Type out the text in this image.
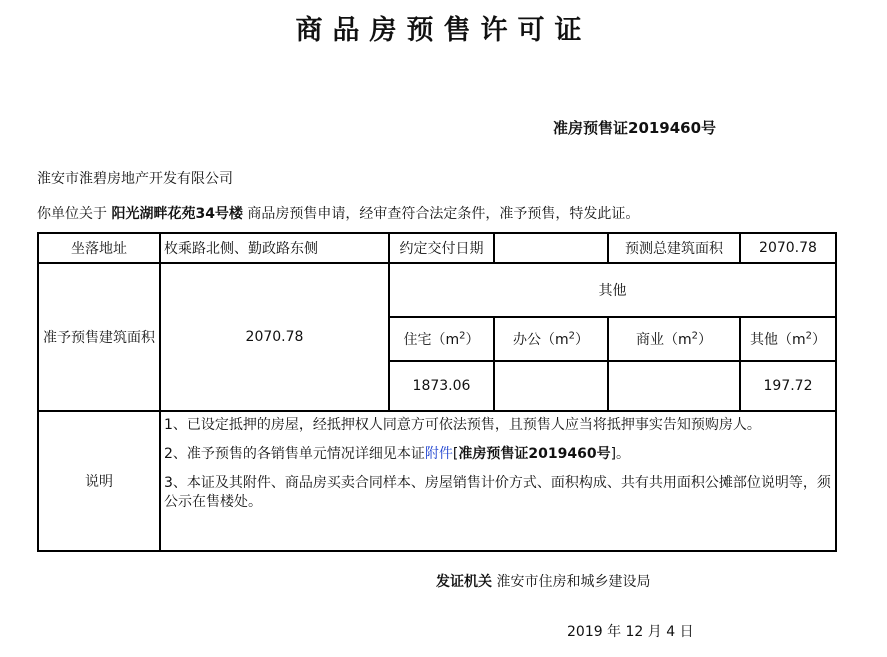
商品房预售许可证
准房预售证2019460号
淮安市淮碧房地产开发有限公司
你单位关于 阳光湖畔花苑34号楼 商品房预售申请，经审查符合法定条件，准予预售，特发此证。
坐落地址	枚乘路北侧、勤政路东侧	约定交付日期		预测总建筑面积	2070.78
准予预售建筑面积	2070.78	其他			
		住宅$(m^2)$	办公$(m^2)$	商业$(m^2)$	其他$(m^2)$
		1873.06			197.72
说明	1、已设定抵押的房屋，经抵押权人同意方可依法预售，且预售人应当将抵押事实告知预购房人。

2、准予预售的各销售单元情况详细见本证附件[准房预售证2019460号]。

3、本证及其附件、商品房买卖合同样本、房屋销售计价方式、面积构成、共有共用面积公摊部位说明等，须公示在售楼处。				

发证机关 淮安市住房和城乡建设局
2019 年 12 月 4 日
